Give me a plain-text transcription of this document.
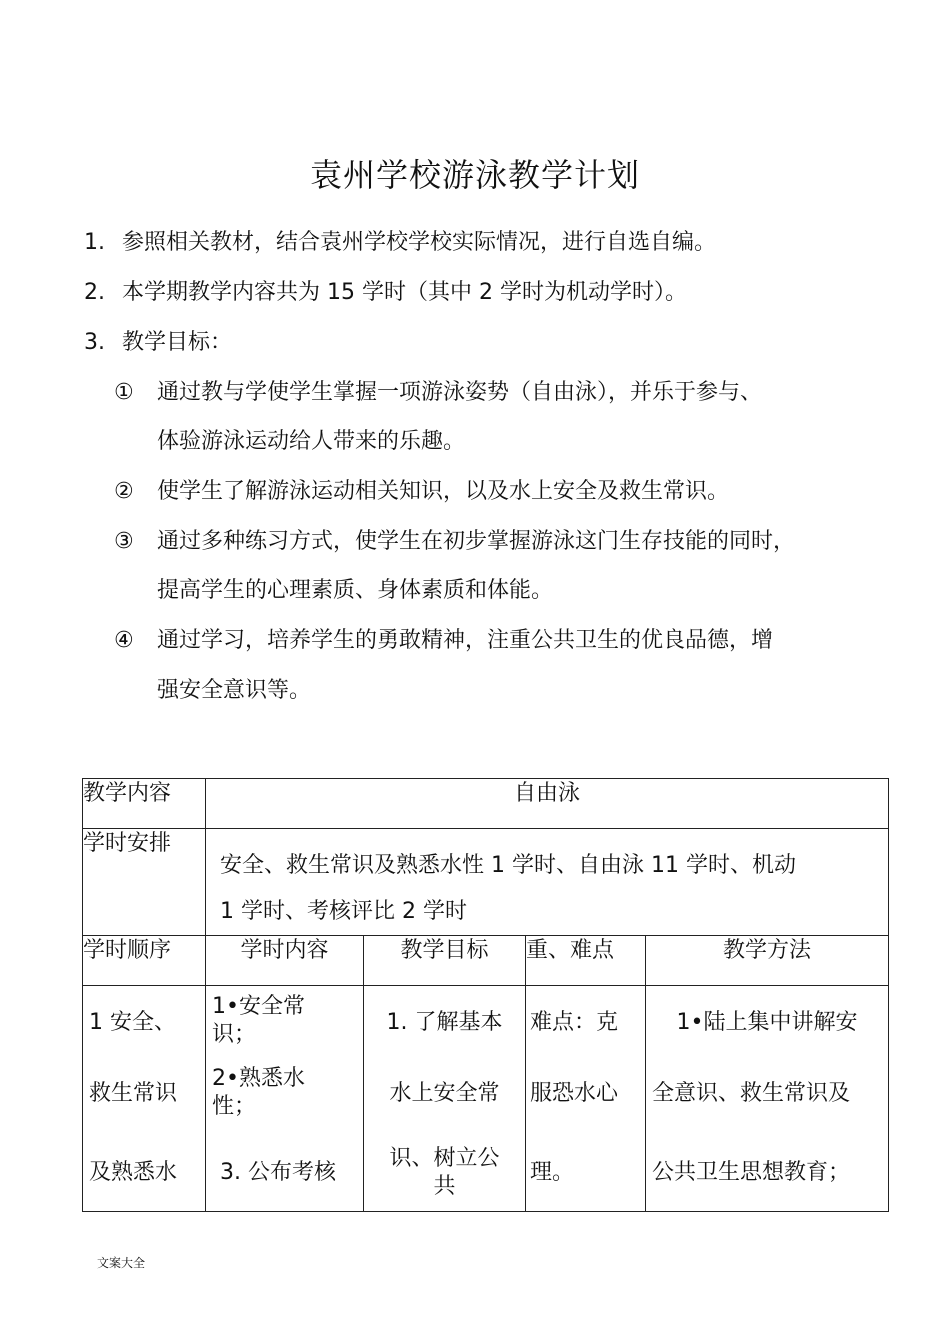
袁州学校游泳教学计划
1. 参照相关教材，结合袁州学校学校实际情况，进行自选自编。
2. 本学期教学内容共为 15 学时（其中 2 学时为机动学时）。
3. 教学目标：
① 通过教与学使学生掌握一项游泳姿势（自由泳），并乐于参与、
体验游泳运动给人带来的乐趣。
② 使学生了解游泳运动相关知识，以及水上安全及救生常识。
③ 通过多种练习方式，使学生在初步掌握游泳这门生存技能的同时，
提高学生的心理素质、身体素质和体能。
④ 通过学习，培养学生的勇敢精神，注重公共卫生的优良品德，增
强安全意识等。
教学内容	自由泳			
学时安排	安全、救生常识及熟悉水性 1 学时、自由泳 11 学时、机动
1 学时、考核评比 2 学时			

学时顺序	学时内容	教学目标	重、难点	教学方法

1 安全、
救生常识
及熟悉水	1•安全常
识；
2•熟悉水
性；
3. 公布考核	1. 了解基本
水上安全常
识、树立公
共	难点：克
服恐水心
理。	1•陆上集中讲解安
全意识、救生常识及
公共卫生思想教育；
文案大全
